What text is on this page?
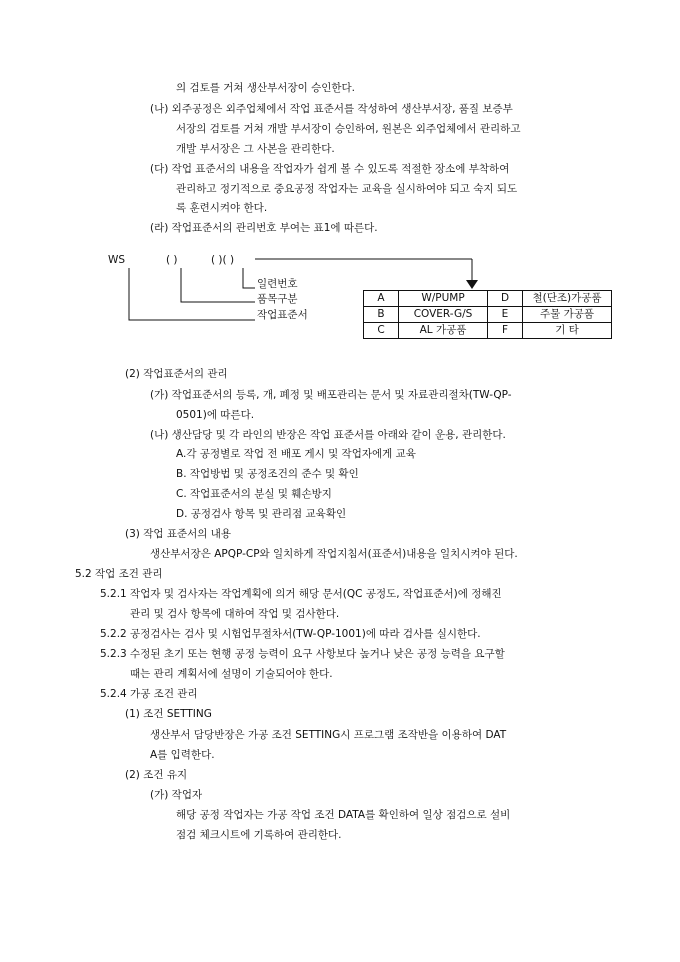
의 검토를 거쳐 생산부서장이 승인한다.
(나) 외주공정은 외주업체에서 작업 표준서를 작성하여 생산부서장, 품질 보증부
서장의 검토를 거쳐 개발 부서장이 승인하여, 원본은 외주업체에서 관리하고
개발 부서장은 그 사본을 관리한다.
(다) 작업 표준서의 내용을 작업자가 쉽게 볼 수 있도록 적절한 장소에 부착하여
관리하고 정기적으로 중요공정 작업자는 교육을 실시하여야 되고 숙지 되도
록 훈련시켜야 한다.
(라) 작업표준서의 관리번호 부여는 표1에 따른다.
WS	( )	( )( )
일련번호
품목구분
작업표준서
A	W/PUMP	D	철(단조)가공품
B	COVER-G/S	E	주물 가공품
C	AL 가공품	F	기 타
(2) 작업표준서의 관리
(가) 작업표준서의 등록, 개, 폐정 및 배포관리는 문서 및 자료관리절차(TW-QP-
0501)에 따른다.
(나) 생산담당 및 각 라인의 반장은 작업 표준서를 아래와 같이 운용, 관리한다.
A.각 공정별로 작업 전 배포 게시 및 작업자에게 교육
B. 작업방법 및 공정조건의 준수 및 확인
C. 작업표준서의 분실 및 훼손방지
D. 공정검사 항목 및 관리점 교육확인
(3) 작업 표준서의 내용
생산부서장은 APQP-CP와 일치하게 작업지침서(표준서)내용을 일치시켜야 된다.
5.2 작업 조건 관리
5.2.1 작업자 및 검사자는 작업계획에 의거 해당 문서(QC 공정도, 작업표준서)에 정해진
관리 및 검사 항목에 대하여 작업 및 검사한다.
5.2.2 공정검사는 검사 및 시험업무절차서(TW-QP-1001)에 따라 검사를 실시한다.
5.2.3 수정된 초기 또는 현행 공정 능력이 요구 사항보다 높거나 낮은 공정 능력을 요구할
때는 관리 계획서에 설명이 기술되어야 한다.
5.2.4 가공 조건 관리
(1) 조건 SETTING
생산부서 담당반장은 가공 조건 SETTING시 프로그램 조작반을 이용하여 DAT
A를 입력한다.
(2) 조건 유지
(가) 작업자
해당 공정 작업자는 가공 작업 조건 DATA를 확인하여 일상 점검으로 설비
점검 체크시트에 기록하여 관리한다.
